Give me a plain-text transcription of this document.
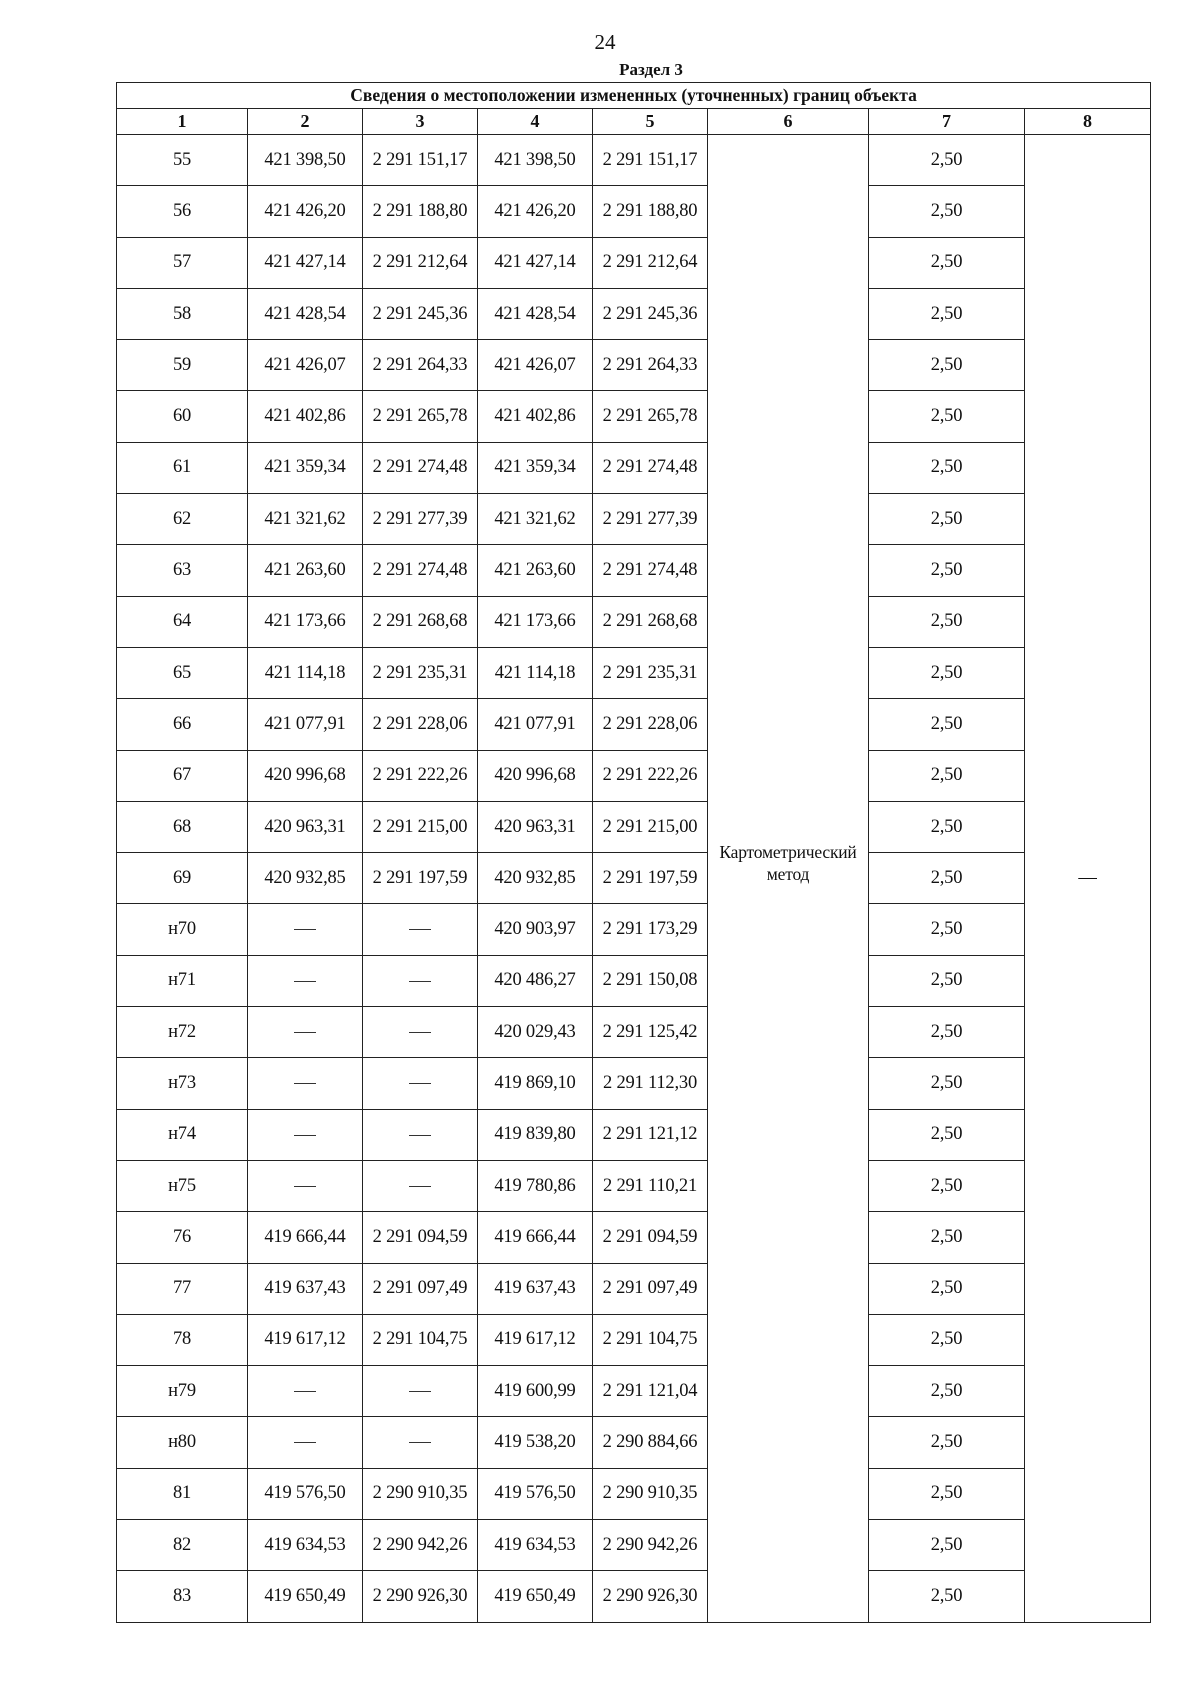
24
Раздел 3
Сведения о местоположении измененных (уточненных) границ объекта							
1	2	3	4	5	6	7	8
55	421 398,50	2 291 151,17	421 398,50	2 291 151,17	Картометрический метод	2,50	—
56	421 426,20	2 291 188,80	421 426,20	2 291 188,80		2,50	
57	421 427,14	2 291 212,64	421 427,14	2 291 212,64		2,50	
58	421 428,54	2 291 245,36	421 428,54	2 291 245,36		2,50	
59	421 426,07	2 291 264,33	421 426,07	2 291 264,33		2,50	
60	421 402,86	2 291 265,78	421 402,86	2 291 265,78		2,50	
61	421 359,34	2 291 274,48	421 359,34	2 291 274,48		2,50	
62	421 321,62	2 291 277,39	421 321,62	2 291 277,39		2,50	
63	421 263,60	2 291 274,48	421 263,60	2 291 274,48		2,50	
64	421 173,66	2 291 268,68	421 173,66	2 291 268,68		2,50	
65	421 114,18	2 291 235,31	421 114,18	2 291 235,31		2,50	
66	421 077,91	2 291 228,06	421 077,91	2 291 228,06		2,50	
67	420 996,68	2 291 222,26	420 996,68	2 291 222,26		2,50	
68	420 963,31	2 291 215,00	420 963,31	2 291 215,00		2,50	
69	420 932,85	2 291 197,59	420 932,85	2 291 197,59		2,50	
н70			420 903,97	2 291 173,29		2,50	
н71			420 486,27	2 291 150,08		2,50	
н72			420 029,43	2 291 125,42		2,50	
н73			419 869,10	2 291 112,30		2,50	
н74			419 839,80	2 291 121,12		2,50	
н75			419 780,86	2 291 110,21		2,50	
76	419 666,44	2 291 094,59	419 666,44	2 291 094,59		2,50	
77	419 637,43	2 291 097,49	419 637,43	2 291 097,49		2,50	
78	419 617,12	2 291 104,75	419 617,12	2 291 104,75		2,50	
н79			419 600,99	2 291 121,04		2,50	
н80			419 538,20	2 290 884,66		2,50	
81	419 576,50	2 290 910,35	419 576,50	2 290 910,35		2,50	
82	419 634,53	2 290 942,26	419 634,53	2 290 942,26		2,50	
83	419 650,49	2 290 926,30	419 650,49	2 290 926,30		2,50	
